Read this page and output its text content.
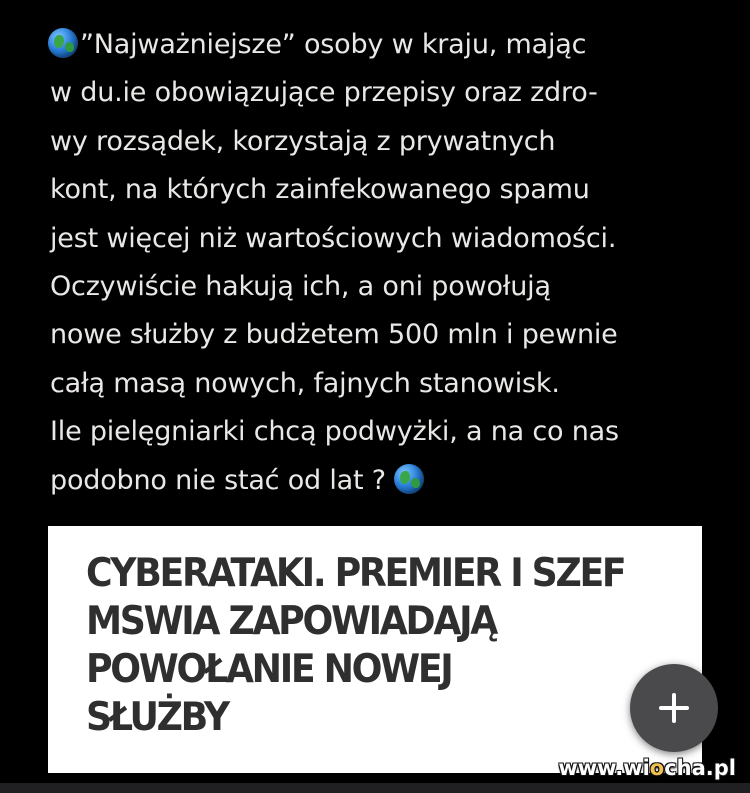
”Najważniejsze” osoby w kraju, mając
w du.ie obowiązujące przepisy oraz zdro-
wy rozsądek, korzystają z prywatnych
kont, na których zainfekowanego spamu
jest więcej niż wartościowych wiadomości.
Oczywiście hakują ich, a oni powołują
nowe służby z budżetem 500 mln i pewnie
całą masą nowych, fajnych stanowisk.
Ile pielęgniarki chcą podwyżki, a na co nas
podobno nie stać od lat ?
CYBERATAKI. PREMIER I SZEF
MSWIA ZAPOWIADAJĄ
POWOŁANIE NOWEJ
SŁUŻBY
www.wiocha.pl
